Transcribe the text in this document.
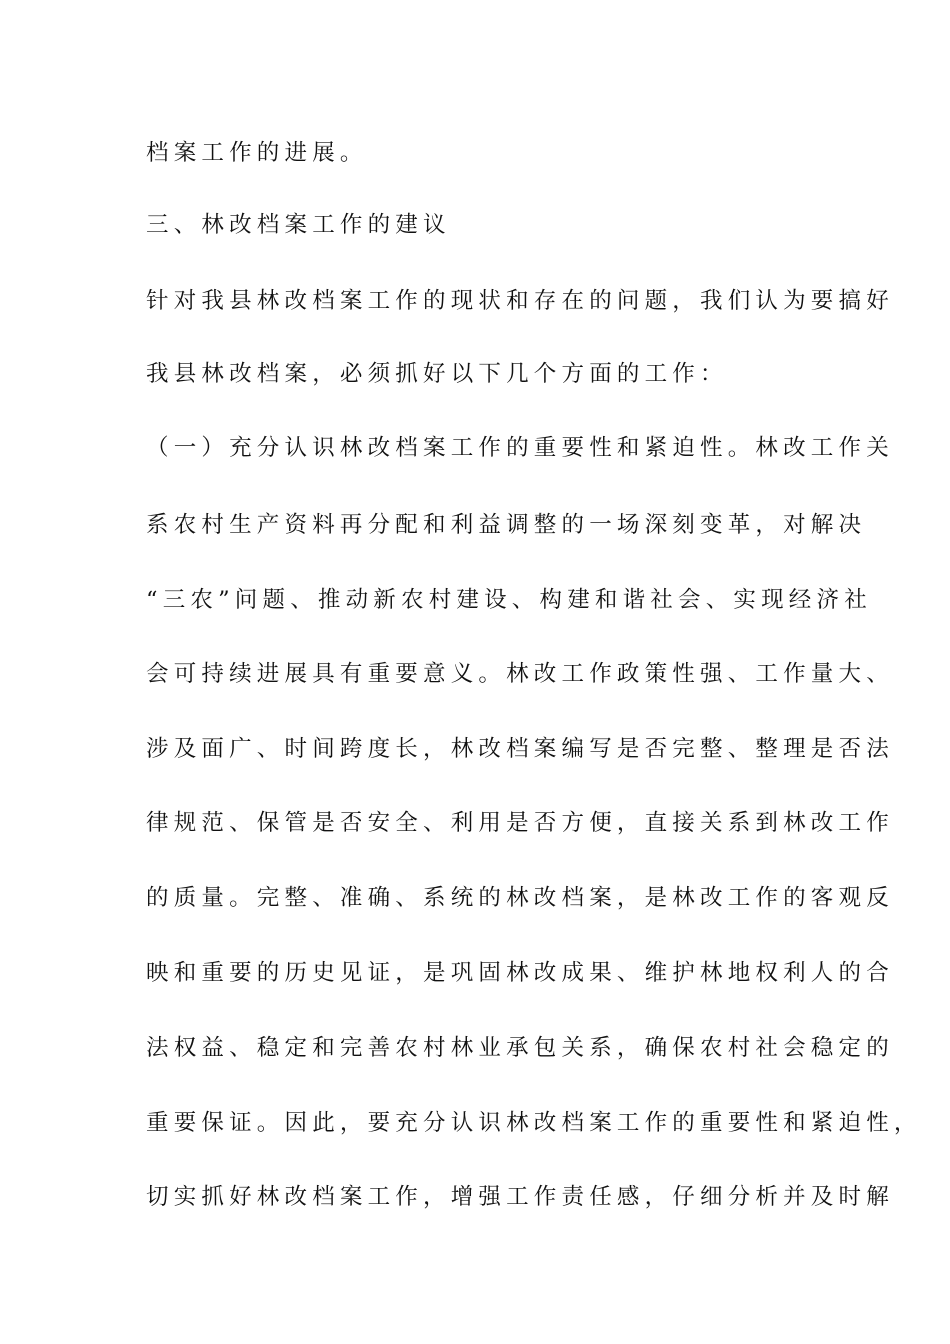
档案工作的进展。

三、林改档案工作的建议

针对我县林改档案工作的现状和存在的问题，我们认为要搞好

我县林改档案，必须抓好以下几个方面的工作：

（一）充分认识林改档案工作的重要性和紧迫性。林改工作关

系农村生产资料再分配和利益调整的一场深刻变革，对解决

“三农”问题、推动新农村建设、构建和谐社会、实现经济社

会可持续进展具有重要意义。林改工作政策性强、工作量大、

涉及面广、时间跨度长，林改档案编写是否完整、整理是否法

律规范、保管是否安全、利用是否方便，直接关系到林改工作

的质量。完整、准确、系统的林改档案，是林改工作的客观反

映和重要的历史见证，是巩固林改成果、维护林地权利人的合

法权益、稳定和完善农村林业承包关系，确保农村社会稳定的

重要保证。因此，要充分认识林改档案工作的重要性和紧迫性，

切实抓好林改档案工作，增强工作责任感，仔细分析并及时解
